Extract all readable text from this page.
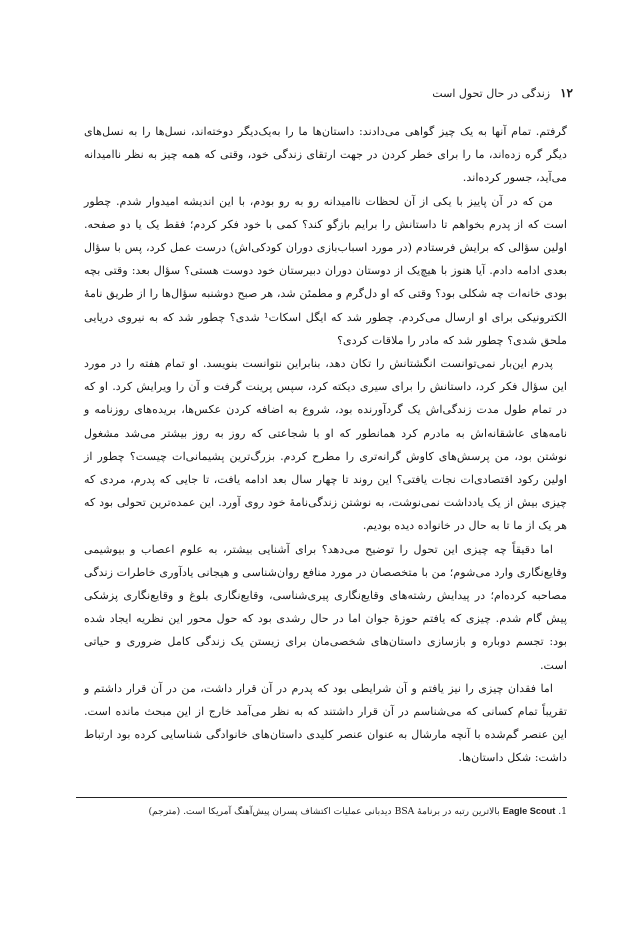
۱۲
زندگی در حال تحول است

گرفتم. تمام آنها به یک چیز گواهی می‌دادند: داستان‌ها ما را به‌یک‌دیگر دوخته‌اند، نسل‌ها را به نسل‌های دیگر گره زده‌اند، ما را برای خطر کردن در جهت ارتقای زندگی خود، وقتی که همه چیز به نظر ناامیدانه می‌آید، جسور کرده‌اند.

من که در آن پاییز با یکی از آن لحظات ناامیدانه رو به رو بودم، با این اندیشه امیدوار شدم. چطور است که از پدرم بخواهم تا داستانش را برایم بازگو کند؟ کمی با خود فکر کردم؛ فقط یک یا دو صفحه. اولین سؤالی که برایش فرستادم (در مورد اسباب‌بازی دوران کودکی‌اش) درست عمل کرد، پس با سؤال بعدی ادامه دادم. آیا هنوز با هیچ‌یک از دوستان دوران دبیرستان خود دوست هستی؟ سؤال بعد: وقتی بچه بودی خانه‌ات چه شکلی بود؟ وقتی که او دل‌گرم و مطمئن شد، هر صبح دوشنبه سؤال‌ها را از طریق نامهٔ الکترونیکی برای او ارسال می‌کردم. چطور شد که ایگل اسکات¹ شدی؟ چطور شد که به نیروی دریایی ملحق شدی؟ چطور شد که مادر را ملاقات کردی؟

پدرم این‌بار نمی‌توانست انگشتانش را تکان دهد، بنابراین نتوانست بنویسد. او تمام هفته را در مورد این سؤال فکر کرد، داستانش را برای سیری دیکته کرد، سپس پرینت گرفت و آن را ویرایش کرد. او که در تمام طول مدت زندگی‌اش یک گردآورنده بود، شروع به اضافه کردن عکس‌ها، بریده‌های روزنامه و نامه‌های عاشقانه‌اش به مادرم کرد همانطور که او با شجاعتی که روز به روز بیشتر می‌شد مشغول نوشتن بود، من پرسش‌های کاوش گرانه‌تری را مطرح کردم. بزرگ‌ترین پشیمانی‌ات چیست؟ چطور از اولین رکود اقتصادی‌ات نجات یافتی؟ این روند تا چهار سال بعد ادامه یافت، تا جایی که پدرم، مردی که چیزی بیش از یک یادداشت نمی‌نوشت، به نوشتن زندگی‌نامهٔ خود روی آورد. این عمده‌ترین تحولی بود که هر یک از ما تا به حال در خانواده دیده بودیم.

اما دقیقاً چه چیزی این تحول را توضیح می‌دهد؟ برای آشنایی بیشتر، به علوم اعصاب و بیوشیمی وقایع‌نگاری وارد می‌شوم؛ من با متخصصان در مورد منافع روان‌شناسی و هیجانی یادآوری خاطرات زندگی مصاحبه کرده‌ام؛ در پیدایش رشته‌های وقایع‌نگاری پیری‌شناسی، وقایع‌نگاری بلوغ و وقایع‌نگاری پزشکی پیش گام شدم. چیزی که یافتم حوزهٔ جوان اما در حال رشدی بود که حول محور این نظریه ایجاد شده بود: تجسم دوباره و بازسازی داستان‌های شخصی‌مان برای زیستن یک زندگی کامل ضروری و حیاتی است.

اما فقدان چیزی را نیز یافتم و آن شرایطی بود که پدرم در آن قرار داشت، من در آن قرار داشتم و تقریباً تمام کسانی که می‌شناسم در آن قرار داشتند که به نظر می‌آمد خارج از این مبحث مانده است. این عنصر گم‌شده با آنچه مارشال به عنوان عنصر کلیدی داستان‌های خانوادگی شناسایی کرده بود ارتباط داشت: شکل داستان‌ها.

1. Eagle Scout بالاترین رتبه در برنامهٔ BSA دیدبانی عملیات اکتشاف پسران پیش‌آهنگ آمریکا است. (مترجم)
